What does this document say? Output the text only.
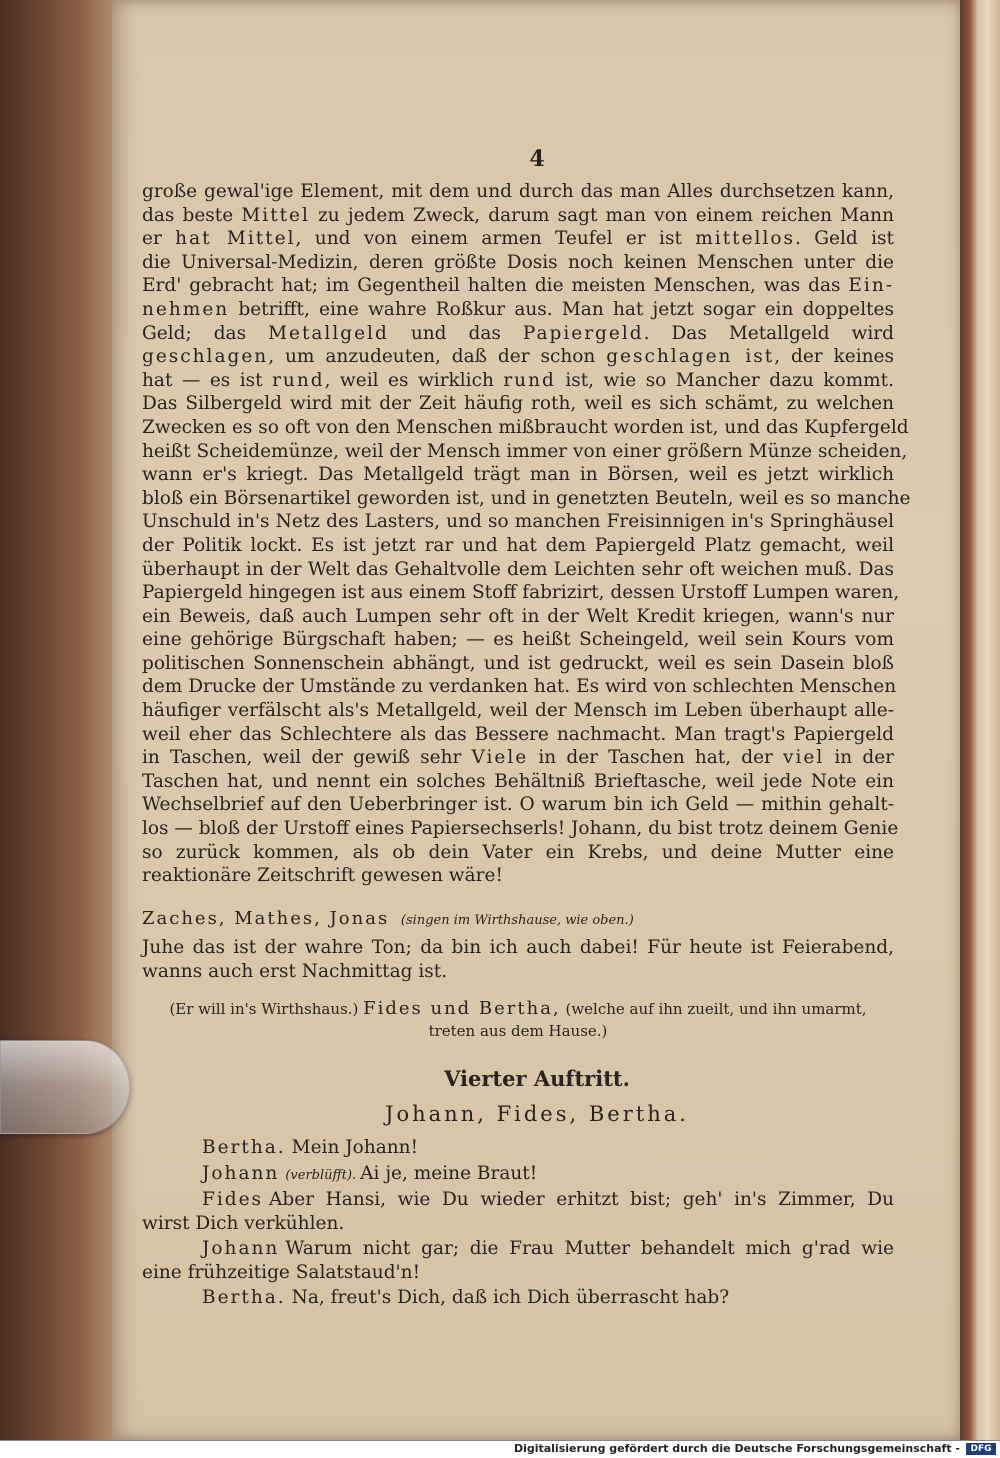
4

große gewal'ige Element, mit dem und durch das man Alles durchsetzen kann,
das beste Mittel zu jedem Zweck, darum sagt man von einem reichen Mann
er hat Mittel, und von einem armen Teufel er ist mittellos. Geld ist
die Universal-Medizin, deren größte Dosis noch keinen Menschen unter die
Erd' gebracht hat; im Gegentheil halten die meisten Menschen, was das Ein-
nehmen betrifft, eine wahre Roßkur aus. Man hat jetzt sogar ein doppeltes
Geld; das Metallgeld und das Papiergeld. Das Metallgeld wird
geschlagen, um anzudeuten, daß der schon geschlagen ist, der keines
hat — es ist rund, weil es wirklich rund ist, wie so Mancher dazu kommt.
Das Silbergeld wird mit der Zeit häufig roth, weil es sich schämt, zu welchen
Zwecken es so oft von den Menschen mißbraucht worden ist, und das Kupfergeld
heißt Scheidemünze, weil der Mensch immer von einer größern Münze scheiden,
wann er's kriegt. Das Metallgeld trägt man in Börsen, weil es jetzt wirklich
bloß ein Börsenartikel geworden ist, und in genetzten Beuteln, weil es so manche
Unschuld in's Netz des Lasters, und so manchen Freisinnigen in's Springhäusel
der Politik lockt. Es ist jetzt rar und hat dem Papiergeld Platz gemacht, weil
überhaupt in der Welt das Gehaltvolle dem Leichten sehr oft weichen muß. Das
Papiergeld hingegen ist aus einem Stoff fabrizirt, dessen Urstoff Lumpen waren,
ein Beweis, daß auch Lumpen sehr oft in der Welt Kredit kriegen, wann's nur
eine gehörige Bürgschaft haben; — es heißt Scheingeld, weil sein Kours vom
politischen Sonnenschein abhängt, und ist gedruckt, weil es sein Dasein bloß
dem Drucke der Umstände zu verdanken hat. Es wird von schlechten Menschen
häufiger verfälscht als's Metallgeld, weil der Mensch im Leben überhaupt alle-
weil eher das Schlechtere als das Bessere nachmacht. Man tragt's Papiergeld
in Taschen, weil der gewiß sehr Viele in der Taschen hat, der viel in der
Taschen hat, und nennt ein solches Behältniß Brieftasche, weil jede Note ein
Wechselbrief auf den Ueberbringer ist. O warum bin ich Geld — mithin gehalt-
los — bloß der Urstoff eines Papiersechserls! Johann, du bist trotz deinem Genie
so zurück kommen, als ob dein Vater ein Krebs, und deine Mutter eine
reaktionäre Zeitschrift gewesen wäre!

Zaches, Mathes, Jonas (singen im Wirthshause, wie oben.)
Juhe das ist der wahre Ton; da bin ich auch dabei! Für heute ist Feierabend,
wanns auch erst Nachmittag ist.
(Er will in's Wirthshaus.) Fides und Bertha, (welche auf ihn zueilt, und ihn umarmt,
treten aus dem Hause.)
Vierter Auftritt.
Johann, Fides, Bertha.
Bertha. Mein Johann!
Johann (verblüfft). Ai je, meine Braut!
Fides Aber Hansi, wie Du wieder erhitzt bist; geh' in's Zimmer, Du
wirst Dich verkühlen.
Johann Warum nicht gar; die Frau Mutter behandelt mich g'rad wie
eine frühzeitige Salatstaud'n!
Bertha. Na, freut's Dich, daß ich Dich überrascht hab?
Digitalisierung gefördert durch die Deutsche Forschungsgemeinschaft -	DFG
